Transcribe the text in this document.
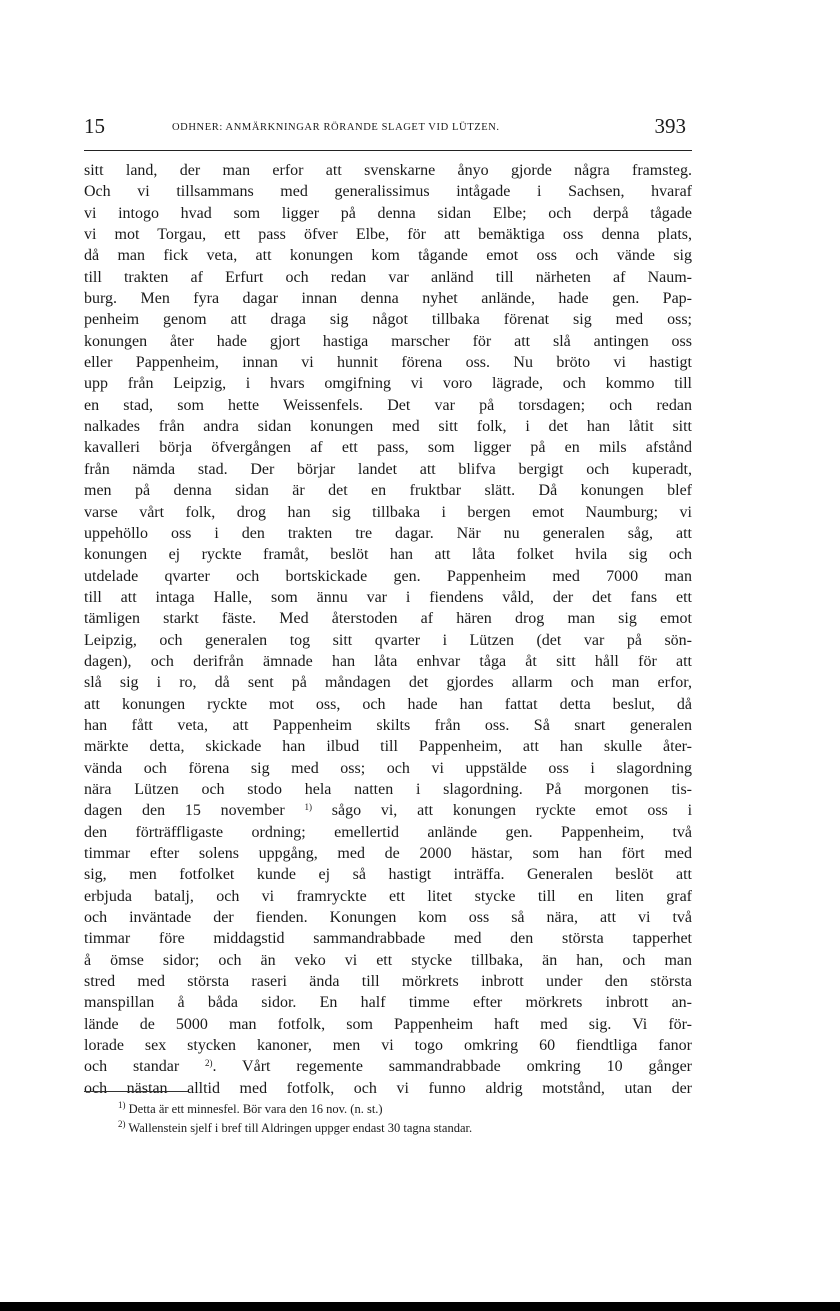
15	ODHNER: ANMÄRKNINGAR RÖRANDE SLAGET VID LÜTZEN.	393
sitt land, der man erfor att svenskarne ånyo gjorde några framsteg.
Och vi tillsammans med generalissimus intågade i Sachsen, hvaraf
vi intogo hvad som ligger på denna sidan Elbe; och derpå tågade
vi mot Torgau, ett pass öfver Elbe, för att bemäktiga oss denna plats,
då man fick veta, att konungen kom tågande emot oss och vände sig
till trakten af Erfurt och redan var anländ till närheten af Naum-
burg. Men fyra dagar innan denna nyhet anlände, hade gen. Pap-
penheim genom att draga sig något tillbaka förenat sig med oss;
konungen åter hade gjort hastiga marscher för att slå antingen oss
eller Pappenheim, innan vi hunnit förena oss. Nu bröto vi hastigt
upp från Leipzig, i hvars omgifning vi voro lägrade, och kommo till
en stad, som hette Weissenfels. Det var på torsdagen; och redan
nalkades från andra sidan konungen med sitt folk, i det han låtit sitt
kavalleri börja öfvergången af ett pass, som ligger på en mils afstånd
från nämda stad. Der börjar landet att blifva bergigt och kuperadt,
men på denna sidan är det en fruktbar slätt. Då konungen blef
varse vårt folk, drog han sig tillbaka i bergen emot Naumburg; vi
uppehöllo oss i den trakten tre dagar. När nu generalen såg, att
konungen ej ryckte framåt, beslöt han att låta folket hvila sig och
utdelade qvarter och bortskickade gen. Pappenheim med 7000 man
till att intaga Halle, som ännu var i fiendens våld, der det fans ett
tämligen starkt fäste. Med återstoden af hären drog man sig emot
Leipzig, och generalen tog sitt qvarter i Lützen (det var på sön-
dagen), och derifrån ämnade han låta enhvar tåga åt sitt håll för att
slå sig i ro, då sent på måndagen det gjordes allarm och man erfor,
att konungen ryckte mot oss, och hade han fattat detta beslut, då
han fått veta, att Pappenheim skilts från oss. Så snart generalen
märkte detta, skickade han ilbud till Pappenheim, att han skulle åter-
vända och förena sig med oss; och vi uppstälde oss i slagordning
nära Lützen och stodo hela natten i slagordning. På morgonen tis-
dagen den 15 november $^{1)}$ sågo vi, att konungen ryckte emot oss i
den förträffligaste ordning; emellertid anlände gen. Pappenheim, två
timmar efter solens uppgång, med de 2000 hästar, som han fört med
sig, men fotfolket kunde ej så hastigt inträffa. Generalen beslöt att
erbjuda batalj, och vi framryckte ett litet stycke till en liten graf
och inväntade der fienden. Konungen kom oss så nära, att vi två
timmar före middagstid sammandrabbade med den största tapperhet
å ömse sidor; och än veko vi ett stycke tillbaka, än han, och man
stred med största raseri ända till mörkrets inbrott under den största
manspillan å båda sidor. En half timme efter mörkrets inbrott an-
lände de 5000 man fotfolk, som Pappenheim haft med sig. Vi för-
lorade sex stycken kanoner, men vi togo omkring 60 fiendtliga fanor
och standar	$^{2)}$. Vårt regemente sammandrabbade omkring 10 gånger
och nästan alltid med fotfolk, och vi funno aldrig motstånd, utan der
$^{1)}$ Detta är ett minnesfel. Bör vara den 16 nov. (n. st.)
$^{2)}$ Wallenstein sjelf i bref till Aldringen uppger endast 30 tagna standar.
